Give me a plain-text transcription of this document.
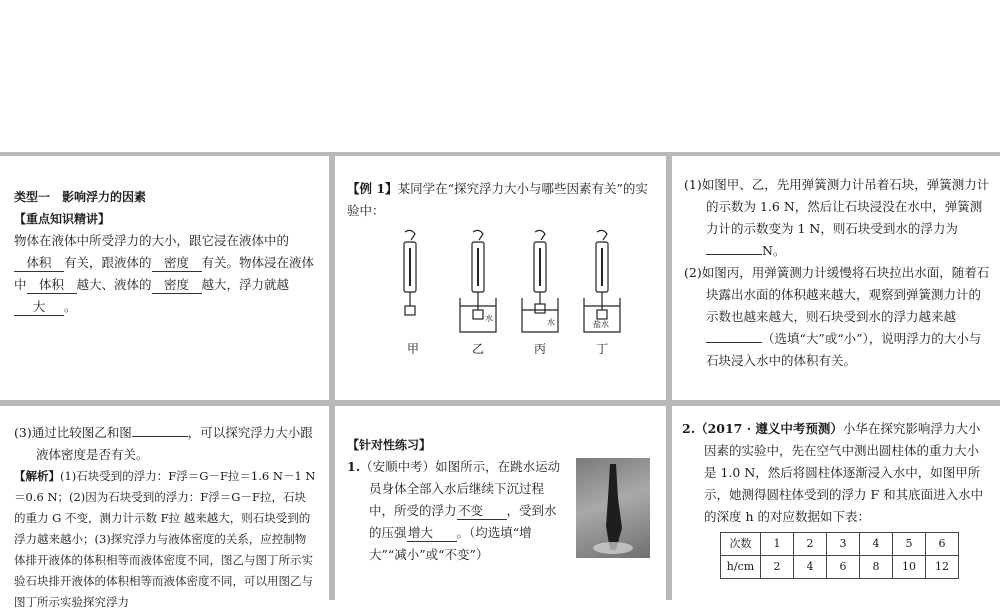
类型一　影响浮力的因素
【重点知识精讲】
物体在液体中所受浮力的大小，跟它浸在液体中的体积 有关，跟液体的 密度 有关。物体浸在液体中 体积 越大、液体的 密度 越大，浮力就越大 。
【例 1】某同学在“探究浮力大小与哪些因素有关”的实验中：
甲	乙	丙	丁
水	水	盐水
(1)如图甲、乙，先用弹簧测力计吊着石块，弹簧测力计的示数为 1.6 N，然后让石块浸没在水中，弹簧测力计的示数变为 1 N，则石块受到水的浮力为N。
(2)如图丙，用弹簧测力计缓慢将石块拉出水面，随着石块露出水面的体积越来越大，观察到弹簧测力计的示数也越来越大，则石块受到水的浮力越来越（选填“大”或“小”），说明浮力的大小与石块浸入水中的体积有关。
(3)通过比较图乙和图	，可以探究浮力大小跟液体密度是否有关。
【解析】(1)石块受到的浮力：F浮＝G－F拉＝1.6 N－1 N＝0.6 N；(2)因为石块受到的浮力：F浮＝G－F拉，石块的重力 G 不变，测力计示数 F拉 越来越大，则石块受到的浮力越来越小；(3)探究浮力与液体密度的关系，应控制物体排开液体的体积相等而液体密度不同，图乙与图丁所示实验石块排开液体的体积相等而液体密度不同，可以用图乙与图丁所示实验探究浮力
【针对性练习】
1.（安顺中考）如图所示，在跳水运动员身体全部入水后继续下沉过程中，所受的浮力不变 ，受到水的压强增大 。（均选填“增大”“减小”或“不变”）
2.（2017 · 遵义中考预测）小华在探究影响浮力大小因素的实验中，先在空气中测出圆柱体的重力大小是 1.0 N，然后将圆柱体逐渐浸入水中，如图甲所示，她测得圆柱体受到的浮力 F 和其底面进入水中的深度 h 的对应数据如下表：
次数	1	2	3	4	5	6
h/cm	2	4	6	8	10	12
